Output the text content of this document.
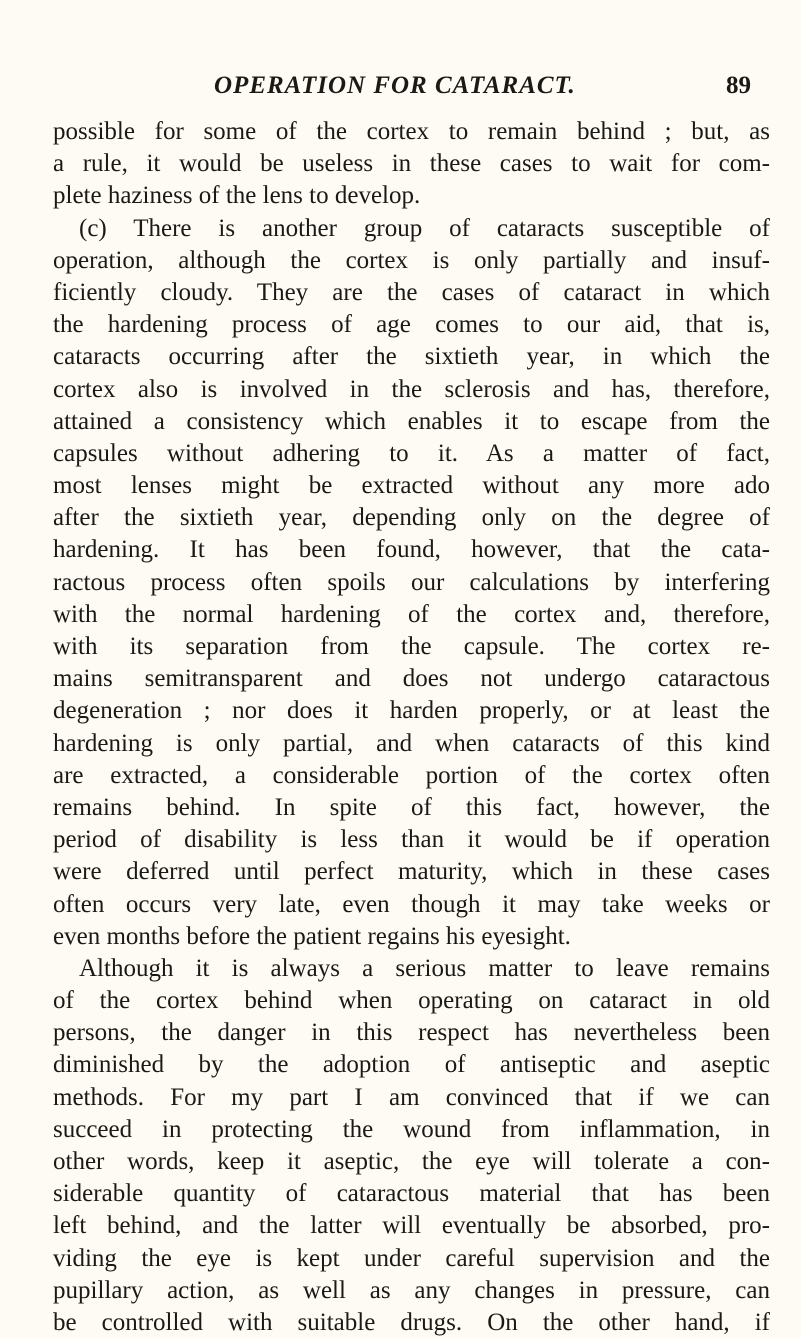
OPERATION FOR CATARACT.	89
possible for some of the cortex to remain behind ; but, as
a rule, it would be useless in these cases to wait for com-
plete haziness of the lens to develop.
(c) There is another group of cataracts susceptible of
operation, although the cortex is only partially and insuf-
ficiently cloudy. They are the cases of cataract in which
the hardening process of age comes to our aid, that is,
cataracts occurring after the sixtieth year, in which the
cortex also is involved in the sclerosis and has, therefore,
attained a consistency which enables it to escape from the
capsules without adhering to it. As a matter of fact,
most lenses might be extracted without any more ado
after the sixtieth year, depending only on the degree of
hardening. It has been found, however, that the cata-
ractous process often spoils our calculations by interfering
with the normal hardening of the cortex and, therefore,
with its separation from the capsule. The cortex re-
mains semitransparent and does not undergo cataractous
degeneration ; nor does it harden properly, or at least the
hardening is only partial, and when cataracts of this kind
are extracted, a considerable portion of the cortex often
remains behind. In spite of this fact, however, the
period of disability is less than it would be if operation
were deferred until perfect maturity, which in these cases
often occurs very late, even though it may take weeks or
even months before the patient regains his eyesight.
Although it is always a serious matter to leave remains
of the cortex behind when operating on cataract in old
persons, the danger in this respect has nevertheless been
diminished by the adoption of antiseptic and aseptic
methods. For my part I am convinced that if we can
succeed in protecting the wound from inflammation, in
other words, keep it aseptic, the eye will tolerate a con-
siderable quantity of cataractous material that has been
left behind, and the latter will eventually be absorbed, pro-
viding the eye is kept under careful supervision and the
pupillary action, as well as any changes in pressure, can
be controlled with suitable drugs. On the other hand, if
